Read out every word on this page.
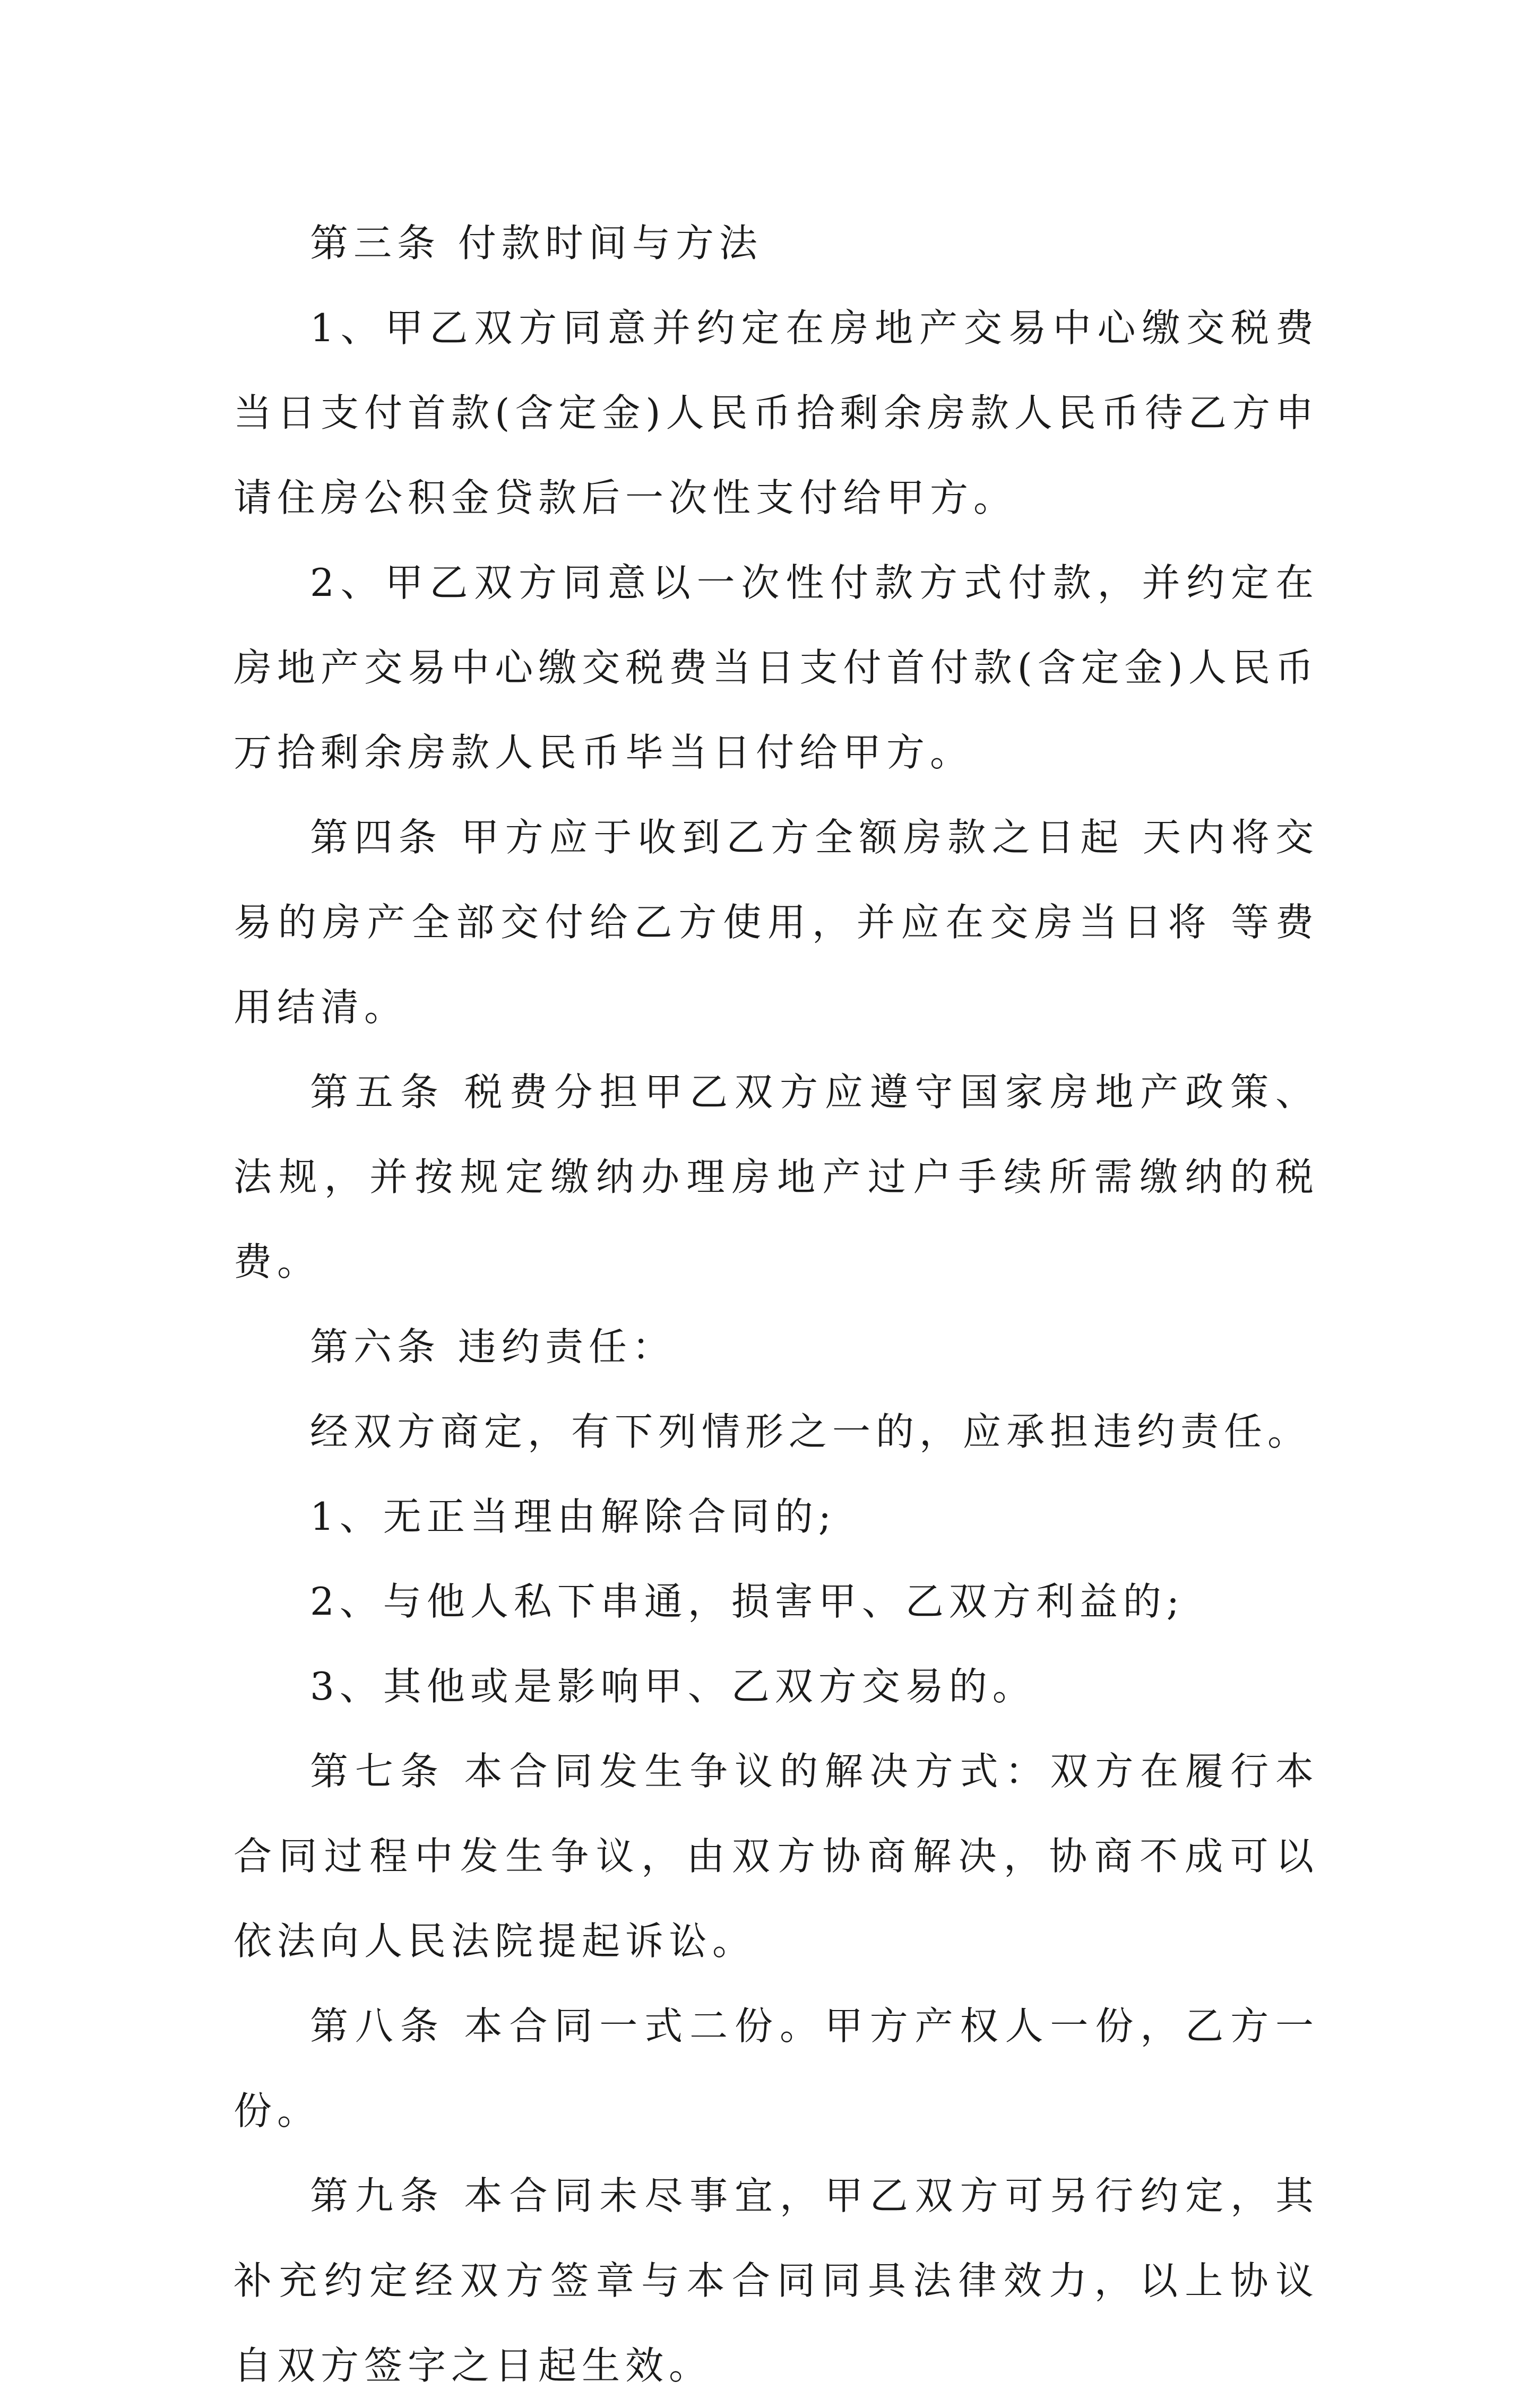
第三条 付款时间与方法

1、甲乙双方同意并约定在房地产交易中心缴交税费当日支付首款(含定金)人民币拾剩余房款人民币待乙方申请住房公积金贷款后一次性支付给甲方。

2、甲乙双方同意以一次性付款方式付款，并约定在房地产交易中心缴交税费当日支付首付款(含定金)人民币万拾剩余房款人民币毕当日付给甲方。

第四条 甲方应于收到乙方全额房款之日起 天内将交易的房产全部交付给乙方使用，并应在交房当日将 等费用结清。

第五条 税费分担甲乙双方应遵守国家房地产政策、法规，并按规定缴纳办理房地产过户手续所需缴纳的税费。

第六条 违约责任：

经双方商定，有下列情形之一的，应承担违约责任。

1、无正当理由解除合同的;

2、与他人私下串通，损害甲、乙双方利益的;

3、其他或是影响甲、乙双方交易的。

第七条 本合同发生争议的解决方式：双方在履行本合同过程中发生争议，由双方协商解决，协商不成可以依法向人民法院提起诉讼。

第八条 本合同一式二份。甲方产权人一份，乙方一份。

第九条 本合同未尽事宜，甲乙双方可另行约定，其补充约定经双方签章与本合同同具法律效力，以上协议自双方签字之日起生效。
